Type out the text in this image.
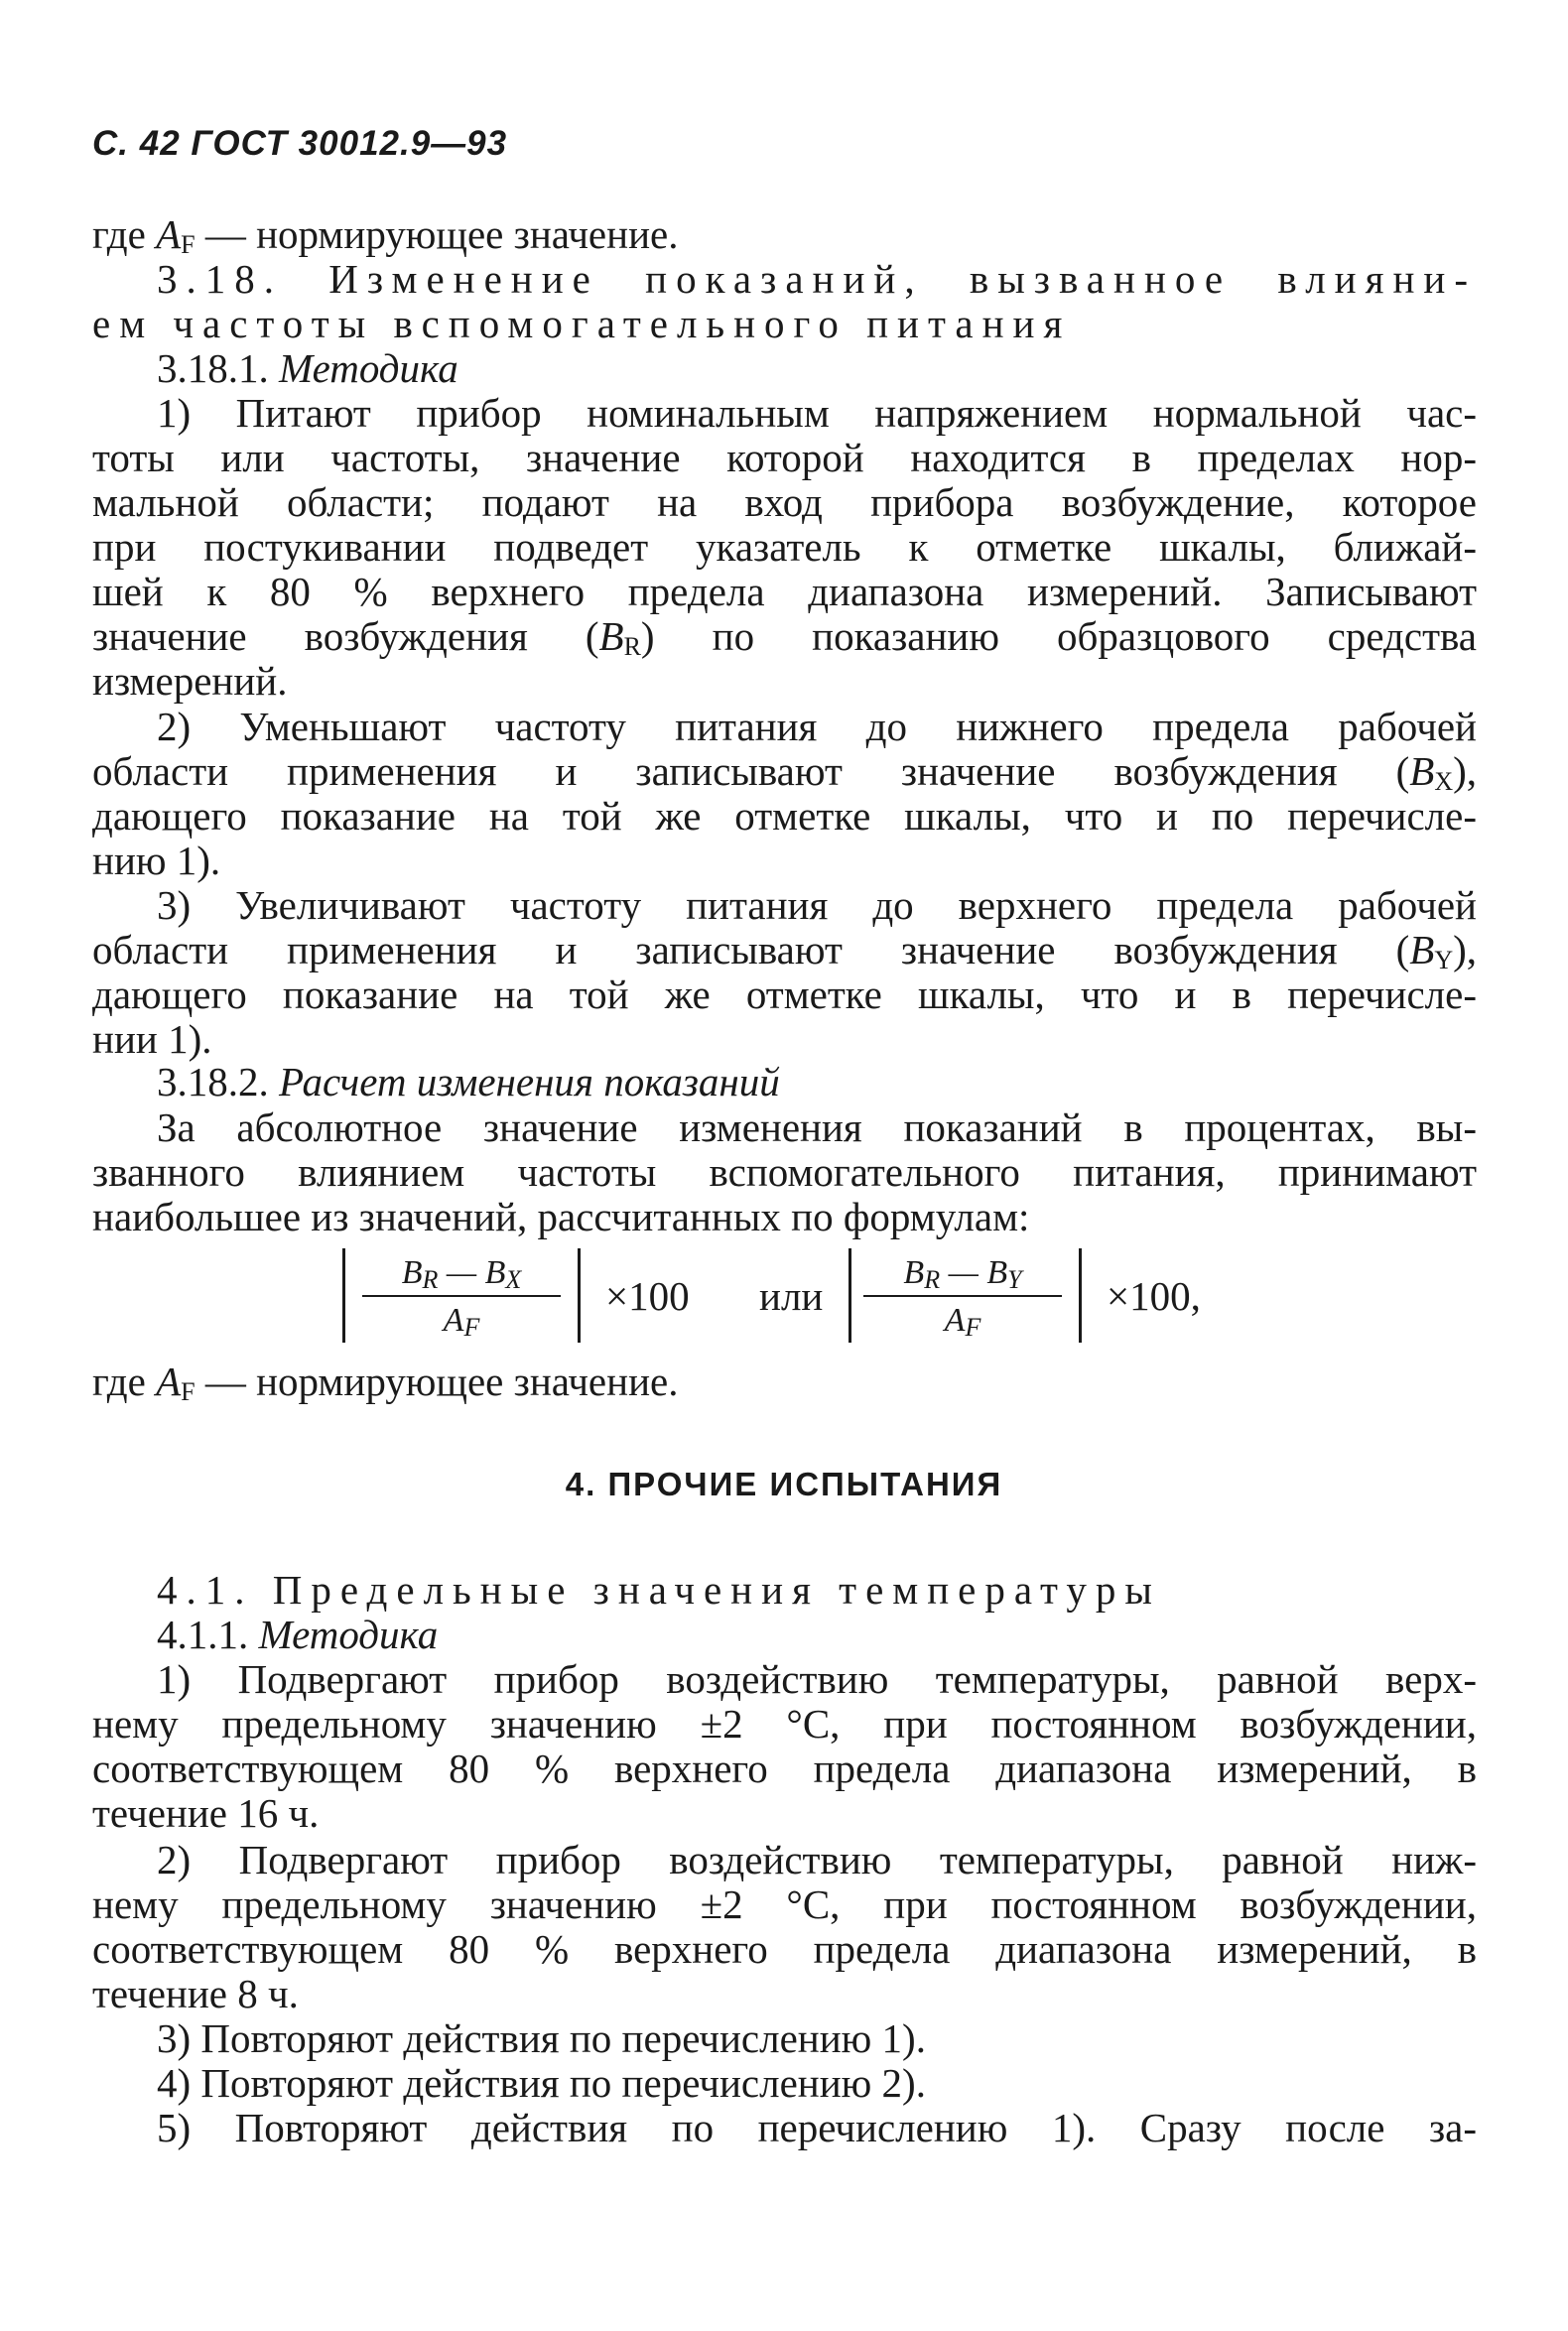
С. 42 ГОСТ 30012.9—93
где AF — нормирующее значение.
3.18. Изменение показаний, вызванное влияни-
ем частоты вспомогательного питания
3.18.1. Методика
1) Питают прибор номинальным напряжением нормальной час-
тоты или частоты, значение которой находится в пределах нор-
мальной области; подают на вход прибора возбуждение, которое
при постукивании подведет указатель к отметке шкалы, ближай-
шей к 80 % верхнего предела диапазона измерений. Записывают
значение возбуждения (BR) по показанию образцового средства
измерений.
2) Уменьшают частоту питания до нижнего предела рабочей
области применения и записывают значение возбуждения (BX),
дающего показание на той же отметке шкалы, что и по перечисле-
нию 1).
3) Увеличивают частоту питания до верхнего предела рабочей
области применения и записывают значение возбуждения (BY),
дающего показание на той же отметке шкалы, что и в перечисле-
нии 1).
3.18.2. Расчет изменения показаний
За абсолютное значение изменения показаний в процентах, вы-
званного влиянием частоты вспомогательного питания, принимают
наибольшее из значений, рассчитанных по формулам:
BR — BX
AF
×100 или
BR — BY
AF
×100,
где AF — нормирующее значение.
4. ПРОЧИЕ ИСПЫТАНИЯ
4.1. Предельные значения температуры
4.1.1. Методика
1) Подвергают прибор воздействию температуры, равной верх-
нему предельному значению ±2 °С, при постоянном возбуждении,
соответствующем 80 % верхнего предела диапазона измерений, в
течение 16 ч.
2) Подвергают прибор воздействию температуры, равной ниж-
нему предельному значению ±2 °С, при постоянном возбуждении,
соответствующем 80 % верхнего предела диапазона измерений, в
течение 8 ч.
3) Повторяют действия по перечислению 1).
4) Повторяют действия по перечислению 2).
5) Повторяют действия по перечислению 1). Сразу после за-
